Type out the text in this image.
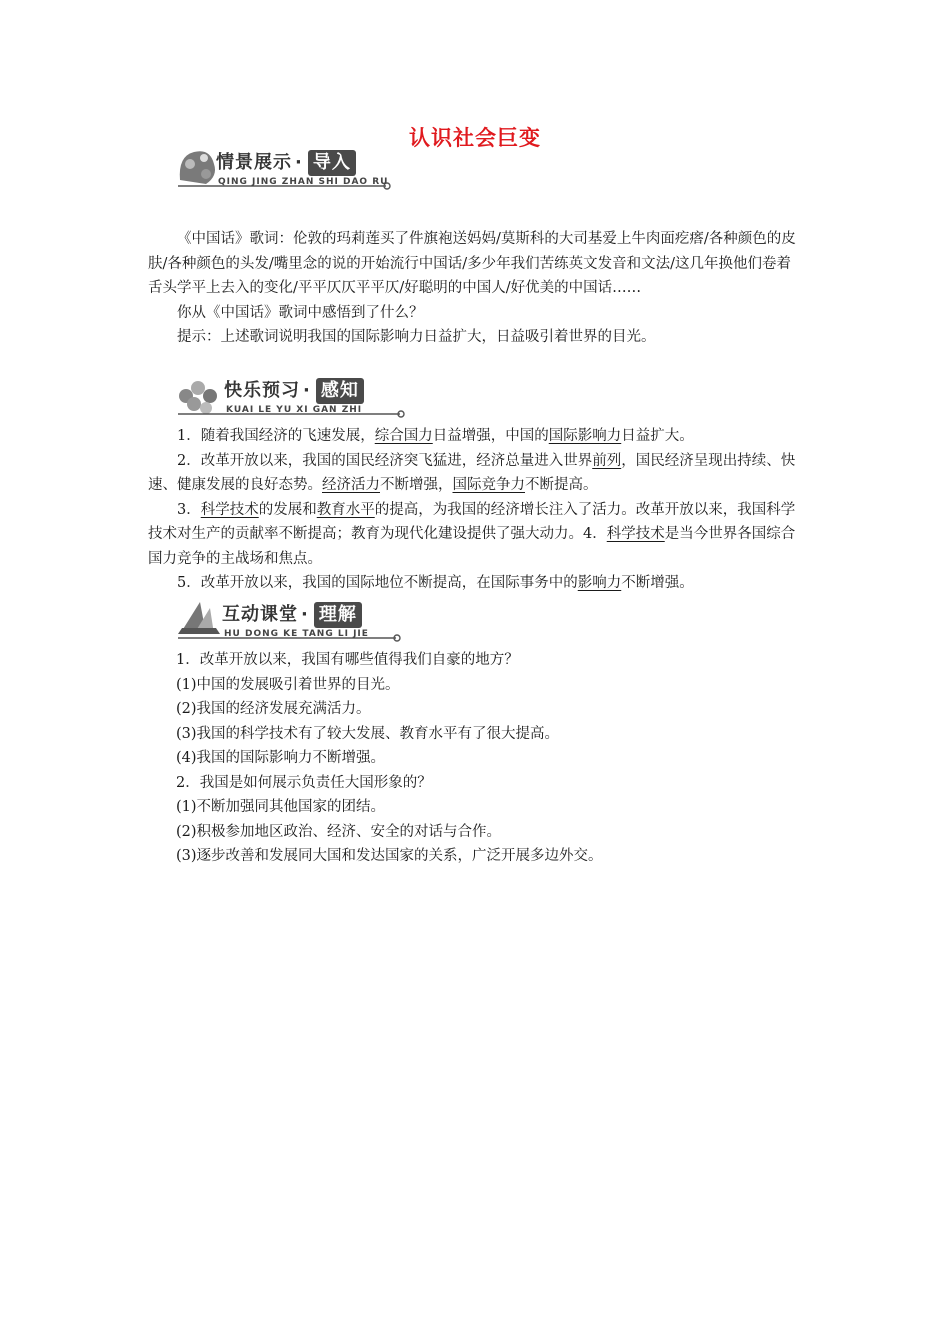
认识社会巨变
情景展示 · 导入
QING JING ZHAN SHI DAO RU

《中国话》歌词：伦敦的玛莉莲买了件旗袍送妈妈/莫斯科的大司基爱上牛肉面疙瘩/各种颜色的皮肤/各种颜色的头发/嘴里念的说的开始流行中国话/多少年我们苦练英文发音和文法/这几年换他们卷着舌头学平上去入的变化/平平仄仄平平仄/好聪明的中国人/好优美的中国话……

你从《中国话》歌词中感悟到了什么？

提示：上述歌词说明我国的国际影响力日益扩大，日益吸引着世界的目光。

快乐预习 · 感知
KUAI LE YU XI GAN ZHI

1．随着我国经济的飞速发展，综合国力日益增强，中国的国际影响力日益扩大。

2．改革开放以来，我国的国民经济突飞猛进，经济总量进入世界前列，国民经济呈现出持续、快速、健康发展的良好态势。经济活力不断增强，国际竞争力不断提高。

3．科学技术的发展和教育水平的提高，为我国的经济增长注入了活力。改革开放以来，我国科学技术对生产的贡献率不断提高；教育为现代化建设提供了强大动力。4．科学技术是当今世界各国综合国力竞争的主战场和焦点。

5．改革开放以来，我国的国际地位不断提高，在国际事务中的影响力不断增强。

互动课堂 · 理解
HU DONG KE TANG LI JIE

1．改革开放以来，我国有哪些值得我们自豪的地方？

(1)中国的发展吸引着世界的目光。

(2)我国的经济发展充满活力。

(3)我国的科学技术有了较大发展、教育水平有了很大提高。

(4)我国的国际影响力不断增强。

2．我国是如何展示负责任大国形象的？

(1)不断加强同其他国家的团结。

(2)积极参加地区政治、经济、安全的对话与合作。

(3)逐步改善和发展同大国和发达国家的关系，广泛开展多边外交。
